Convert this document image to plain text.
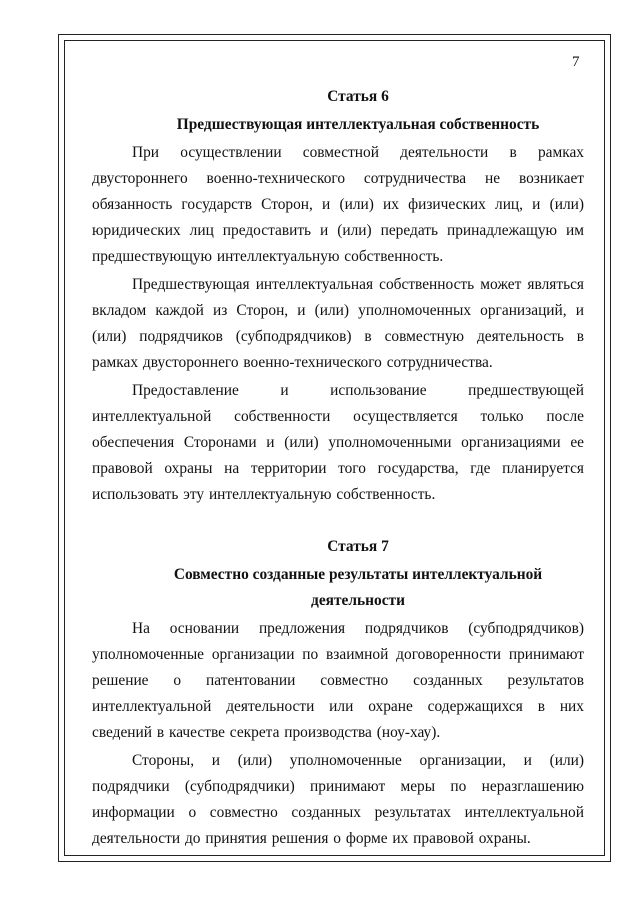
7

Статья 6

Предшествующая интеллектуальная собственность

При осуществлении совместной деятельности в рамках двустороннего военно-технического сотрудничества не возникает обязанность государств Сторон, и (или) их физических лиц, и (или) юридических лиц предоставить и (или) передать принадлежащую им предшествующую интеллектуальную собственность.

Предшествующая интеллектуальная собственность может являться вкладом каждой из Сторон, и (или) уполномоченных организаций, и (или) подрядчиков (субподрядчиков) в совместную деятельность в рамках двустороннего военно-технического сотрудничества.

Предоставление и использование предшествующей интеллектуальной собственности осуществляется только после обеспечения Сторонами и (или) уполномоченными организациями ее правовой охраны на территории того государства, где планируется использовать эту интеллектуальную собственность.

Статья 7

Совместно созданные результаты интеллектуальной

деятельности

На основании предложения подрядчиков (субподрядчиков) уполномоченные организации по взаимной договоренности принимают решение о патентовании совместно созданных результатов интеллектуальной деятельности или охране содержащихся в них сведений в качестве секрета производства (ноу-хау).

Стороны, и (или) уполномоченные организации, и (или) подрядчики (субподрядчики) принимают меры по неразглашению информации о совместно созданных результатах интеллектуальной деятельности до принятия решения о форме их правовой охраны.
